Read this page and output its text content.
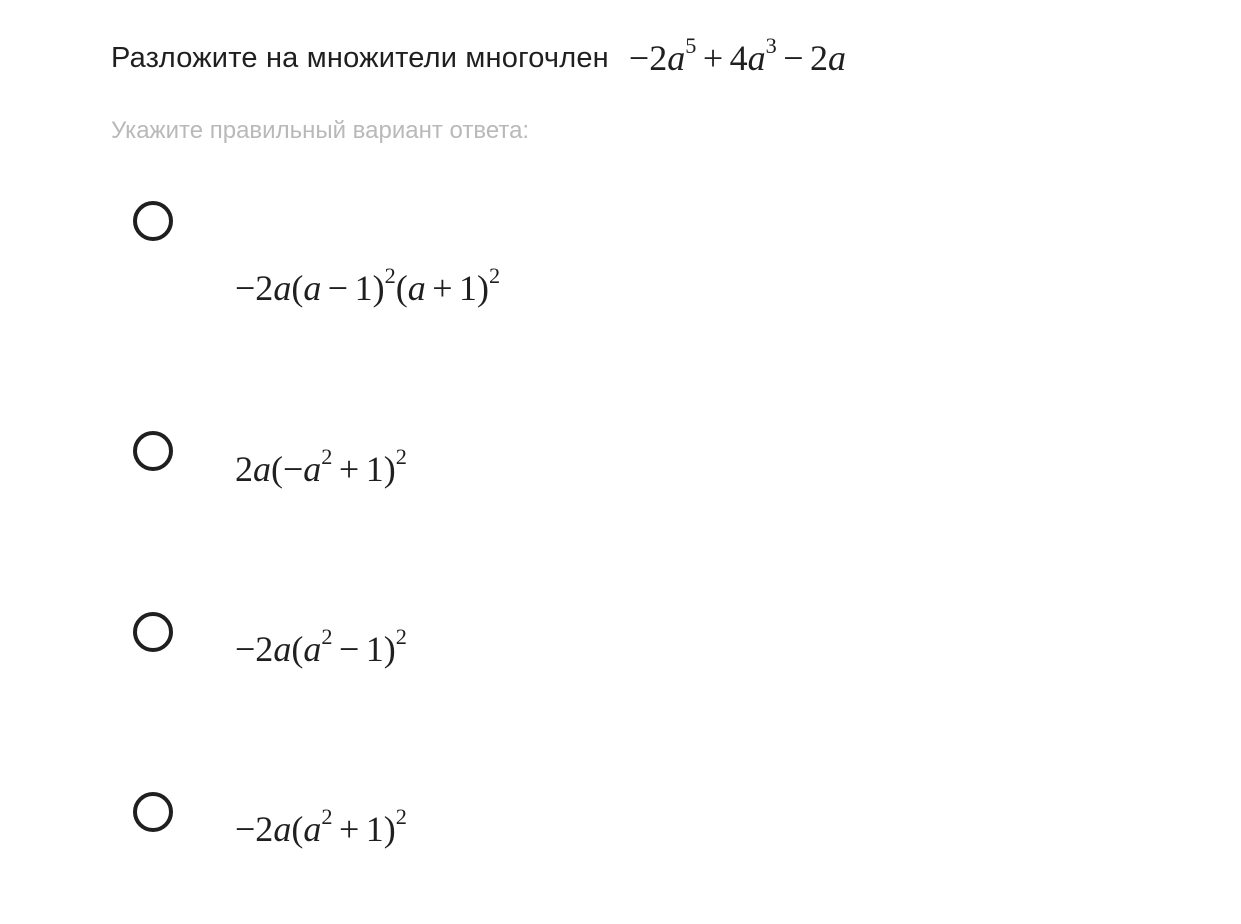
Разложите на множители многочлен $-2a^5 + 4a^3 - 2a$
Укажите правильный вариант ответа:
$-2a(a - 1)^2(a + 1)^2$
$2a(-a^2 + 1)^2$
$-2a(a^2 - 1)^2$
$-2a(a^2 + 1)^2$
